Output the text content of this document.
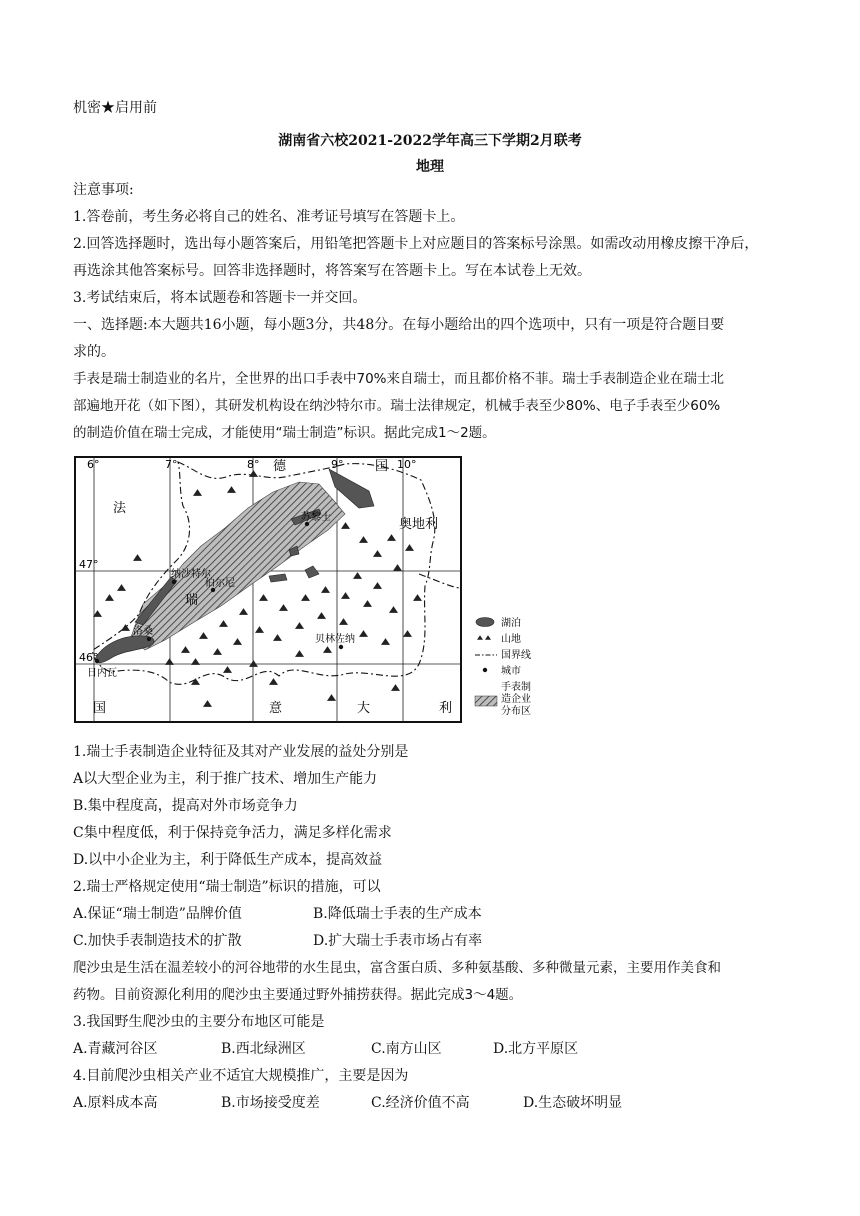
机密★启用前
湖南省六校2021-2022学年高三下学期2月联考
地理
注意事项:
1.答卷前，考生务必将自己的姓名、准考证号填写在答题卡上。
2.回答选择题时，选出每小题答案后，用铅笔把答题卡上对应题目的答案标号涂黑。如需改动用橡皮擦干净后，
再选涂其他答案标号。回答非选择题时，将答案写在答题卡上。写在本试卷上无效。
3.考试结束后，将本试题卷和答题卡一并交回。
一、选择题:本大题共16小题，每小题3分，共48分。在每小题给出的四个选项中，只有一项是符合题目要
求的。
手表是瑞士制造业的名片，全世界的出口手表中70%来自瑞士，而且都价格不菲。瑞士手表制造企业在瑞士北
部遍地开花（如下图），其研发机构设在纳沙特尔市。瑞士法律规定，机械手表至少80%、电子手表至少60%
的制造价值在瑞士完成，才能使用“瑞士制造”标识。据此完成1～2题。
6°	7°	8°	9°	10°
47°
46°
德	国
法
奥地利
瑞
国	意	大	利
苏黎士
纳沙特尔
伯尔尼
洛桑
日内瓦
贝林佐纳
湖泊
山地
国界线
城市
手表制
造企业
分布区
1.瑞士手表制造企业特征及其对产业发展的益处分别是
A以大型企业为主，利于推广技术、增加生产能力
B.集中程度高，提高对外市场竞争力
C集中程度低，利于保持竞争活力，满足多样化需求
D.以中小企业为主，利于降低生产成本，提高效益
2.瑞士严格规定使用“瑞士制造”标识的措施，可以
A.保证“瑞士制造”品牌价值	B.降低瑞士手表的生产成本
C.加快手表制造技术的扩散	D.扩大瑞士手表市场占有率
爬沙虫是生活在温差较小的河谷地带的水生昆虫，富含蛋白质、多种氨基酸、多种微量元素，主要用作美食和
药物。目前资源化利用的爬沙虫主要通过野外捕捞获得。据此完成3～4题。
3.我国野生爬沙虫的主要分布地区可能是
A.青藏河谷区	B.西北绿洲区	C.南方山区	D.北方平原区
4.目前爬沙虫相关产业不适宜大规模推广，主要是因为
A.原料成本高	B.市场接受度差	C.经济价值不高	D.生态破坏明显
